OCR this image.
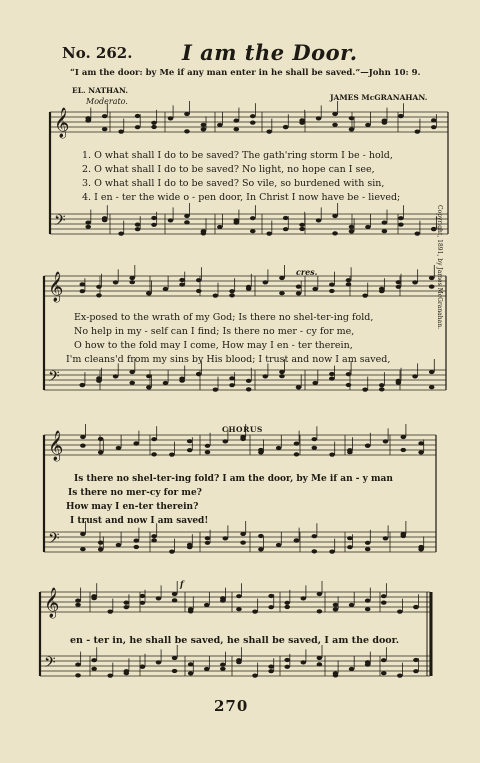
No. 262. I am the Door.
“I am the door: by Me if any man enter in he shall be saved.”—John 10: 9.
EL. NATHAN.
Moderato.	JAMES McGRANAHAN.
𝄞
𝄢
𝄞
𝄢
𝄞
𝄢
𝄞
𝄢
1. O what shall I do to be saved? The gath'ring storm I be - hold,
2. O what shall I do to be saved? No light, no hope can I see,
3. O what shall I do to be saved? So vile, so burdened with sin,
4. I en - ter the wide o - pen door, In Christ I now have be - lieved;
cres.
Ex-posed to the wrath of my God; Is there no shel-ter-ing fold,
No help in my - self can I find; Is there no mer - cy for me,
O how to the fold may I come, How may I en - ter therein,
I'm cleans'd from my sins by His blood; I trust and now I am saved,
CHORUS
Is there no shel-ter-ing fold? I am the door, by Me if an - y man
Is there no mer-cy for me?
How may I en-ter therein?
I trust and now I am saved!
f
en - ter in, he shall be saved, he shall be saved, I am the door.
Copyright, 1891, by James McGranahan.
270
